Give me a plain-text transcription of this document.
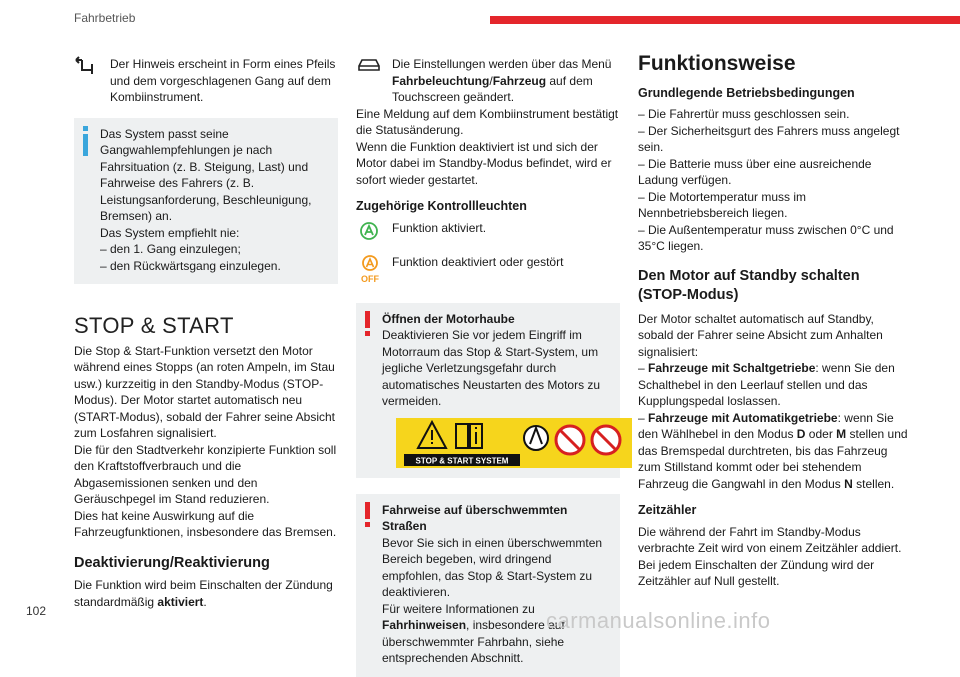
Fahrbetrieb

Der Hinweis erscheint in Form eines Pfeils und dem vorgeschlagenen Gang auf dem Kombiinstrument.

Das System passt seine Gangwahlempfehlungen je nach Fahrsituation (z. B. Steigung, Last) und Fahrweise des Fahrers (z. B. Leistungsanforderung, Beschleunigung, Bremsen) an.

Das System empfiehlt nie:

– den 1. Gang einzulegen;

– den Rückwärtsgang einzulegen.

STOP & START

Die Stop & Start-Funktion versetzt den Motor während eines Stopps (an roten Ampeln, im Stau usw.) kurzzeitig in den Standby-Modus (STOP-Modus). Der Motor startet automatisch neu (START-Modus), sobald der Fahrer seine Absicht zum Losfahren signalisiert.

Die für den Stadtverkehr konzipierte Funktion soll den Kraftstoffverbrauch und die Abgasemissionen senken und den Geräuschpegel im Stand reduzieren.

Dies hat keine Auswirkung auf die Fahrzeugfunktionen, insbesondere das Bremsen.

Deaktivierung/Reaktivierung

Die Funktion wird beim Einschalten der Zündung standardmäßig aktiviert.

Die Einstellungen werden über das Menü Fahrbeleuchtung/Fahrzeug auf dem Touchscreen geändert.

Eine Meldung auf dem Kombiinstrument bestätigt die Statusänderung.

Wenn die Funktion deaktiviert ist und sich der Motor dabei im Standby-Modus befindet, wird er sofort wieder gestartet.

Zugehörige Kontrollleuchten

Funktion aktiviert.

OFF

Funktion deaktiviert oder gestört

Öffnen der Motorhaube

Deaktivieren Sie vor jedem Eingriff im Motorraum das Stop & Start-System, um jegliche Verletzungsgefahr durch automatisches Neustarten des Motors zu vermeiden.

STOP & START SYSTEM

Fahrweise auf überschwemmten Straßen

Bevor Sie sich in einen überschwemmten Bereich begeben, wird dringend empfohlen, das Stop & Start-System zu deaktivieren.

Für weitere Informationen zu Fahrhinweisen, insbesondere auf überschwemmter Fahrbahn, siehe entsprechenden Abschnitt.

Funktionsweise
Grundlegende Betriebsbedingungen

– Die Fahrertür muss geschlossen sein.

– Der Sicherheitsgurt des Fahrers muss angelegt sein.

– Die Batterie muss über eine ausreichende Ladung verfügen.

– Die Motortemperatur muss im Nennbetriebsbereich liegen.

– Die Außentemperatur muss zwischen 0°C und 35°C liegen.

Den Motor auf Standby schalten (STOP-Modus)

Der Motor schaltet automatisch auf Standby, sobald der Fahrer seine Absicht zum Anhalten signalisiert:

– Fahrzeuge mit Schaltgetriebe: wenn Sie den Schalthebel in den Leerlauf stellen und das Kupplungspedal loslassen.

– Fahrzeuge mit Automatikgetriebe: wenn Sie den Wählhebel in den Modus D oder M stellen und das Bremspedal durchtreten, bis das Fahrzeug zum Stillstand kommt oder bei stehendem Fahrzeug die Gangwahl in den Modus N stellen.

Zeitzähler

Die während der Fahrt im Standby-Modus verbrachte Zeit wird von einem Zeitzähler addiert. Bei jedem Einschalten der Zündung wird der Zeitzähler auf Null gestellt.

102	carmanualsonline.info
